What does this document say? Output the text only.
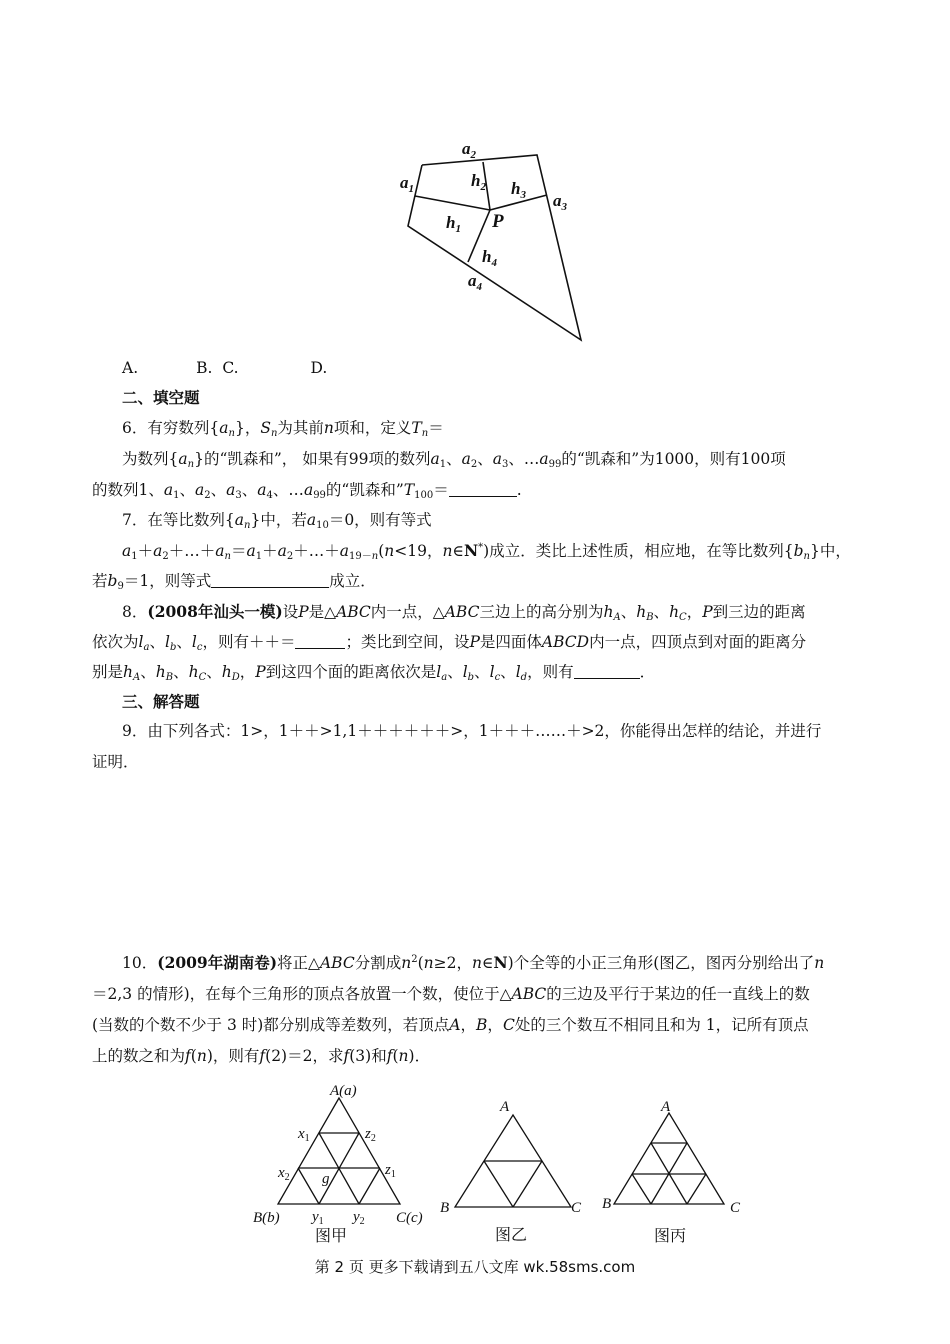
$a_2$
$a_1$	$h_2$ $h_3$ $a_3$
$h_1$ P
$h_4$
$a_4$
A.	B. C.	D.
二、填空题
6．有穷数列$\{a_n\}$，$S_n$为其前n项和，定义$T_n=$
为数列$\{a_n\}$的“凯森和”， 如果有99项的数列$a_1$、$a_2$、$a_3$、$\dots a_{99}$的“凯森和”为1000，则有100项
的数列1、$a_1$、$a_2$、$a_3$、$a_4$、$\dots a_{99}$的“凯森和$”T_{100}=$	.
7．在等比数列$\{a_n\}$中，若$a_{10}=0$，则有等式
$a_1+a_2+\dots+a_n=a_1+a_2+\dots+a_{19-n}(n<19$，n∈N*)成立．类比上述性质，相应地，在等比数列$\{b_n\}$中，
若$b_9=1$，则等式	成立．
8．(2008年汕头一模)设P是△ABC内一点，△ABC三边上的高分别为$h_A$、$h_B$、$h_C$，P到三边的距离
依次为$l_a$、$l_b$、$l_c$，则有＋＋＝	；类比到空间，设P是四面体ABCD内一点，四顶点到对面的距离分
别是$h_A$、$h_B$、$h_C$、$h_D$，P到这四个面的距离依次是$l_a$、$l_b$、$l_c$、$l_d$，则有	．
三、解答题
9．由下列各式：1>，1＋＋>1,1＋＋＋＋＋＋>，1＋＋＋……＋>2，你能得出怎样的结论，并进行
证明．
10．(2009年湖南卷)将正△ABC分割成$n^2(n\ge 2$，n∈N)个全等的小正三角形(图乙，图丙分别给出了n
＝2,3 的情形)，在每个三角形的顶点各放置一个数，使位于△ABC的三边及平行于某边的任一直线上的数
(当数的个数不少于 3 时)都分别成等差数列，若顶点A，B，C处的三个数互不相同且和为 1，记所有顶点
上的数之和为f(n)，则有f(2)＝2，求f(3)和f(n)．
A(a)
$x_1$	$z_2$
$x_2$	$z_1$
g
B(b) $y_1$ $y_2$ C(c)
A
B	C
A
B	C
图甲	图乙	图丙
第 2 页 更多下载请到五八文库 wk.58sms.com
